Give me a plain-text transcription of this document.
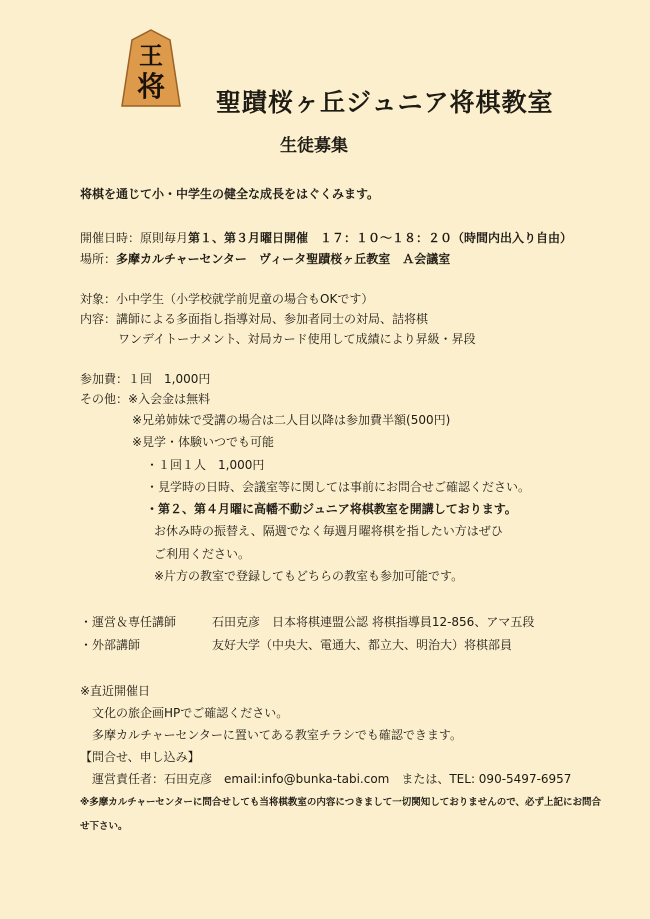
王
将 聖蹟桜ヶ丘ジュニア将棋教室
生徒募集
将棋を通じて小・中学生の健全な成長をはぐくみます。
開催日時：原則毎月第１、第３月曜日開催　１７：１０～１８：２０（時間内出入り自由）
場所：多摩カルチャーセンター　ヴィータ聖蹟桜ヶ丘教室　Ａ会議室
対象：小中学生（小学校就学前児童の場合もOKです）
内容：講師による多面指し指導対局、参加者同士の対局、詰将棋
ワンデイトーナメント、対局カード使用して成績により昇級・昇段
参加費：１回　1,000円
その他：※入会金は無料
※兄弟姉妹で受講の場合は二人目以降は参加費半額(500円)
※見学・体験いつでも可能
・１回１人　1,000円
・見学時の日時、会議室等に関しては事前にお問合せご確認ください。
・第２、第４月曜に高幡不動ジュニア将棋教室を開講しております。
お休み時の振替え、隔週でなく毎週月曜将棋を指したい方はぜひ
ご利用ください。
※片方の教室で登録してもどちらの教室も参加可能です。
・運営＆専任講師	石田克彦　日本将棋連盟公認 将棋指導員12-856、アマ五段
・外部講師	友好大学（中央大、電通大、都立大、明治大）将棋部員
※直近開催日
文化の旅企画HPでご確認ください。
多摩カルチャーセンターに置いてある教室チラシでも確認できます。
【問合せ、申し込み】
運営責任者：石田克彦　email:info@bunka-tabi.com　または、TEL: 090-5497-6957
※多摩カルチャーセンターに問合せしても当将棋教室の内容につきまして一切関知しておりませんので、必ず上記にお問合
せ下さい。
